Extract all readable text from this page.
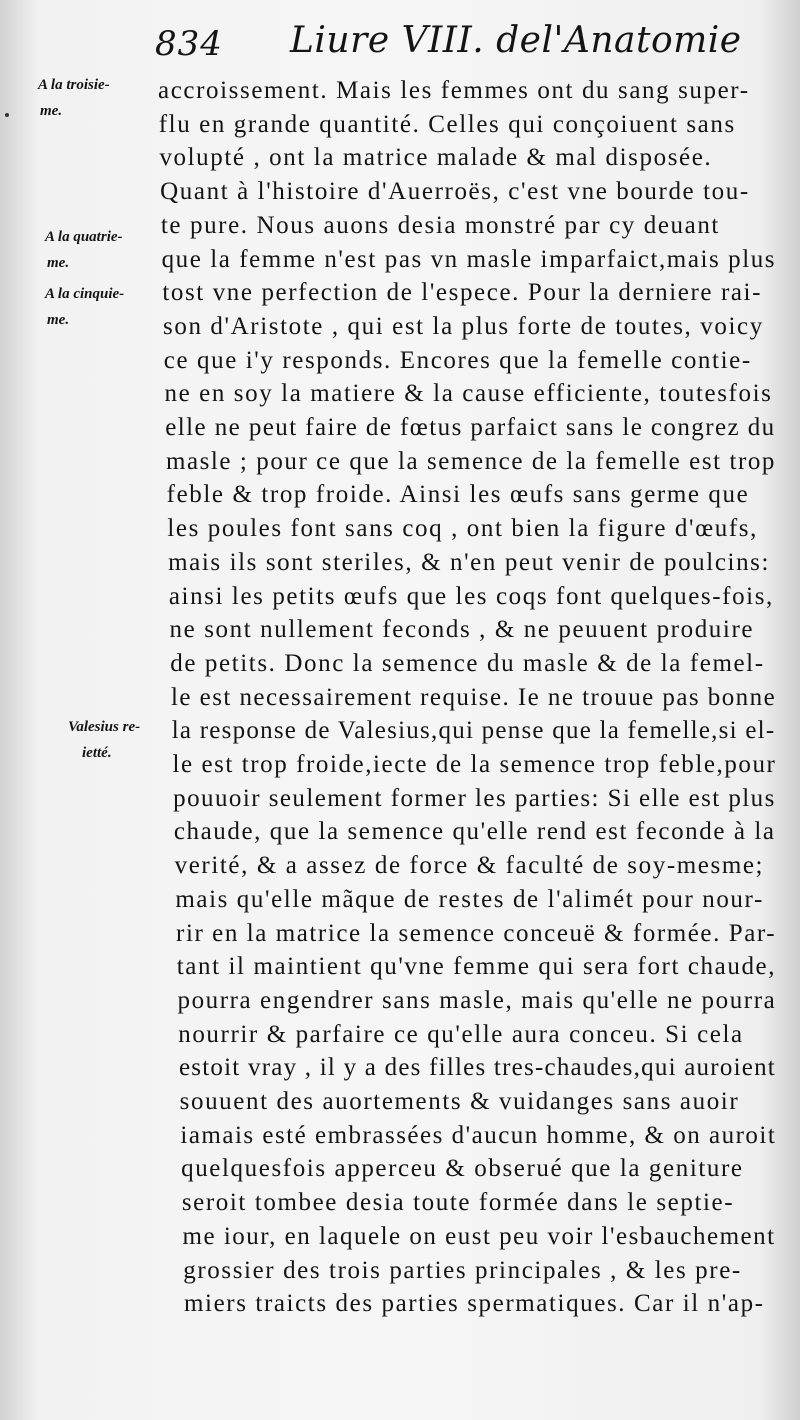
834 Liure VIII. del'Anatomie
A la troisie-
me.
A la quatrie-
me.
A la cinquie-
me.
Valesius re-
ietté.
accroissement. Mais les femmes ont du sang super-
flu en grande quantité. Celles qui conçoiuent sans
volupté , ont la matrice malade & mal disposée.
Quant à l'histoire d'Auerroës, c'est vne bourde tou-
te pure. Nous auons desia monstré par cy deuant
que la femme n'est pas vn masle imparfaict,mais plus
tost vne perfection de l'espece. Pour la derniere rai-
son d'Aristote , qui est la plus forte de toutes, voicy
ce que i'y responds. Encores que la femelle contie-
ne en soy la matiere & la cause efficiente, toutesfois
elle ne peut faire de fœtus parfaict sans le congrez du
masle ; pour ce que la semence de la femelle est trop
feble & trop froide. Ainsi les œufs sans germe que
les poules font sans coq , ont bien la figure d'œufs,
mais ils sont steriles, & n'en peut venir de poulcins:
ainsi les petits œufs que les coqs font quelques-fois,
ne sont nullement feconds , & ne peuuent produire
de petits. Donc la semence du masle & de la femel-
le est necessairement requise. Ie ne trouue pas bonne
la response de Valesius,qui pense que la femelle,si el-
le est trop froide,iecte de la semence trop feble,pour
pouuoir seulement former les parties: Si elle est plus
chaude, que la semence qu'elle rend est feconde à la
verité, & a assez de force & faculté de soy-mesme;
mais qu'elle mãque de restes de l'alimét pour nour-
rir en la matrice la semence conceuë & formée. Par-
tant il maintient qu'vne femme qui sera fort chaude,
pourra engendrer sans masle, mais qu'elle ne pourra
nourrir & parfaire ce qu'elle aura conceu. Si cela
estoit vray , il y a des filles tres-chaudes,qui auroient
souuent des auortements & vuidanges sans auoir
iamais esté embrassées d'aucun homme, & on auroit
quelquesfois apperceu & obserué que la geniture
seroit tombee desia toute formée dans le septie-
me iour, en laquele on eust peu voir l'esbauchement
grossier des trois parties principales , & les pre-
miers traicts des parties spermatiques. Car il n'ap-
